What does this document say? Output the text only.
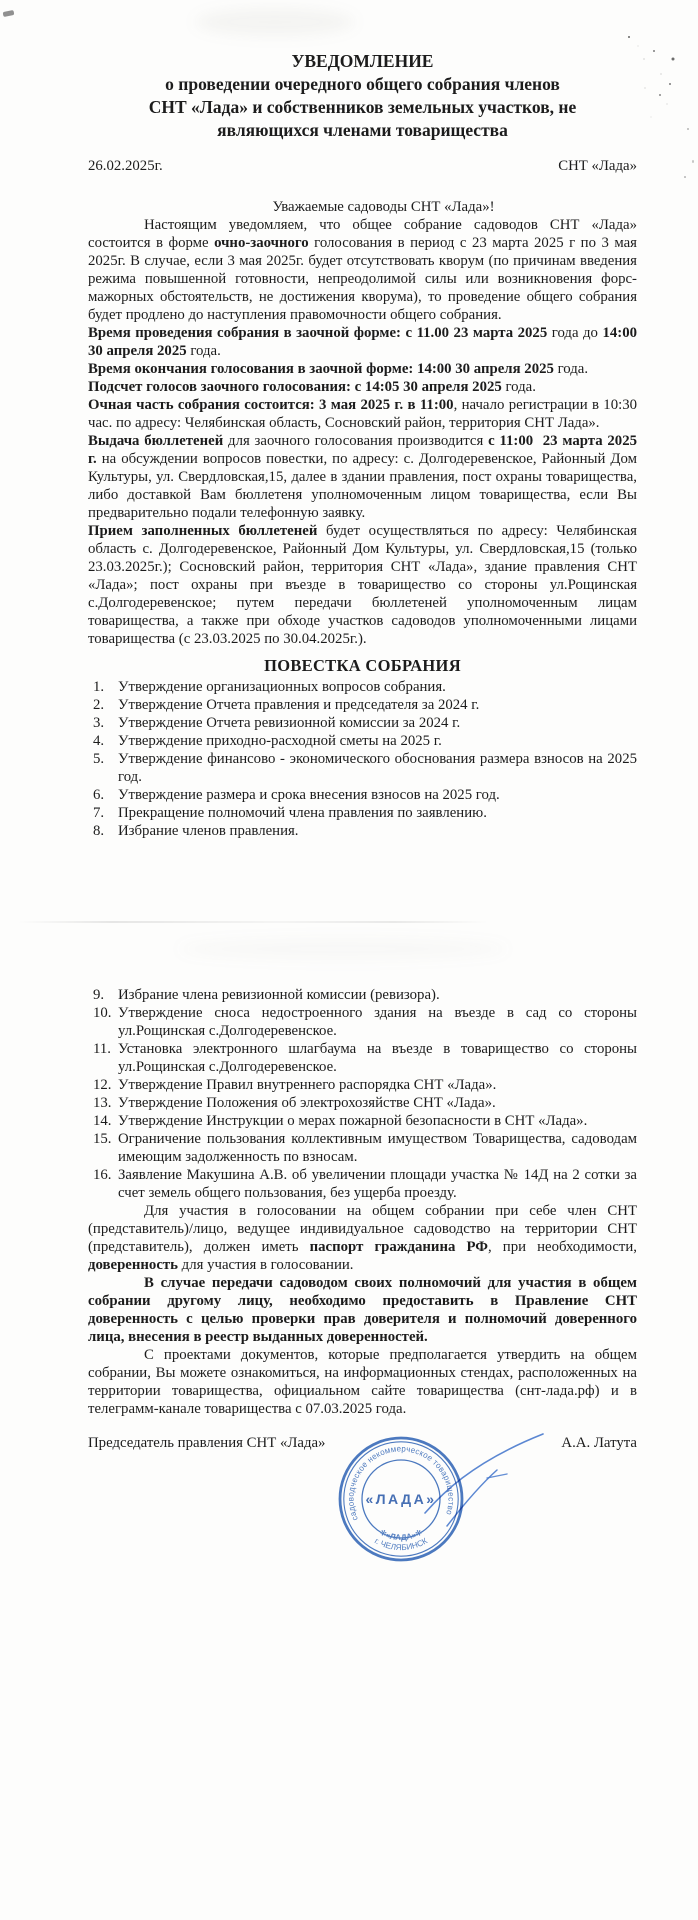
УВЕДОМЛЕНИЕ
о проведении очередного общего собрания членов
СНТ «Лада» и собственников земельных участков, не
являющихся членами товарищества
26.02.2025г.	СНТ «Лада»
Уважаемые садоводы СНТ «Лада»!

Настоящим уведомляем, что общее собрание садоводов СНТ «Лада» состоится в форме очно-заочного голосования в период с 23 марта 2025 г по 3 мая 2025г. В случае, если 3 мая 2025г. будет отсутствовать кворум (по причинам введения режима повышенной готовности, непреодолимой силы или возникновения форс-мажорных обстоятельств, не достижения кворума), то проведение общего собрания будет продлено до наступления правомочности общего собрания.

Время проведения собрания в заочной форме: с 11.00 23 марта 2025 года до 14:00 30 апреля 2025 года.

Время окончания голосования в заочной форме: 14:00 30 апреля 2025 года.

Подсчет голосов заочного голосования: с 14:05 30 апреля 2025 года.

Очная часть собрания состоится: 3 мая 2025 г. в 11:00, начало регистрации в 10:30 час. по адресу: Челябинская область, Сосновский район, территория СНТ Лада».

Выдача бюллетеней для заочного голосования производится с 11:00  23 марта 2025 г. на обсуждении вопросов повестки, по адресу: с. Долгодеревенское, Районный Дом Культуры, ул. Свердловская,15, далее в здании правления, пост охраны товарищества, либо доставкой Вам бюллетеня уполномоченным лицом товарищества, если Вы предварительно подали телефонную заявку.

Прием заполненных бюллетеней будет осуществляться по адресу: Челябинская область с. Долгодеревенское, Районный Дом Культуры, ул. Свердловская,15 (только 23.03.2025г.); Сосновский район, территория СНТ «Лада», здание правления СНТ «Лада»; пост охраны при въезде в товарищество со стороны ул.Рощинская с.Долгодеревенское; путем передачи бюллетеней уполномоченным лицам товарищества, а также при обходе участков садоводов уполномоченными лицами товарищества (с 23.03.2025 по 30.04.2025г.).

ПОВЕСТКА СОБРАНИЯ
1. Утверждение организационных вопросов собрания.
2. Утверждение Отчета правления и председателя за 2024 г.
3. Утверждение Отчета ревизионной комиссии за 2024 г.
4. Утверждение приходно-расходной сметы на 2025 г.
5. Утверждение финансово - экономического обоснования размера взносов на 2025 год.
6. Утверждение размера и срока внесения взносов на 2025 год.
7. Прекращение полномочий члена правления по заявлению.
8. Избрание членов правления.
9. Избрание члена ревизионной комиссии (ревизора).
10. Утверждение сноса недостроенного здания на въезде в сад со стороны ул.Рощинская с.Долгодеревенское.
11. Установка электронного шлагбаума на въезде в товарищество со стороны ул.Рощинская с.Долгодеревенское.
12. Утверждение Правил внутреннего распорядка СНТ «Лада».
13. Утверждение Положения об электрохозяйстве СНТ «Лада».
14. Утверждение Инструкции о мерах пожарной безопасности в СНТ «Лада».
15. Ограничение пользования коллективным имуществом Товарищества, садоводам имеющим задолженность по взносам.
16. Заявление Макушина А.В. об увеличении площади участка № 14Д на 2 сотки за счет земель общего пользования, без ущерба проезду.

Для участия в голосовании на общем собрании при себе член СНТ (представитель)/лицо, ведущее индивидуальное садоводство на территории СНТ (представитель), должен иметь паспорт гражданина РФ, при необходимости, доверенность для участия в голосовании.

В случае передачи садоводом своих полномочий для участия в общем собрании другому лицу, необходимо предоставить в Правление СНТ доверенность с целью проверки прав доверителя и полномочий доверенного лица, внесения в реестр выданных доверенностей.

С проектами документов, которые предполагается утвердить на общем собрании, Вы можете ознакомиться, на информационных стендах, расположенных на территории товарищества, официальном сайте товарищества (снт-лада.рф) и в телеграмм-канале товарищества с 07.03.2025 года.

Председатель правления СНТ «Лада»	А.А. Латута
садоводческое некоммерческое товарищество
✻«ЛАДА»✻
г. ЧЕЛЯБИНСК
«ЛАДА»
